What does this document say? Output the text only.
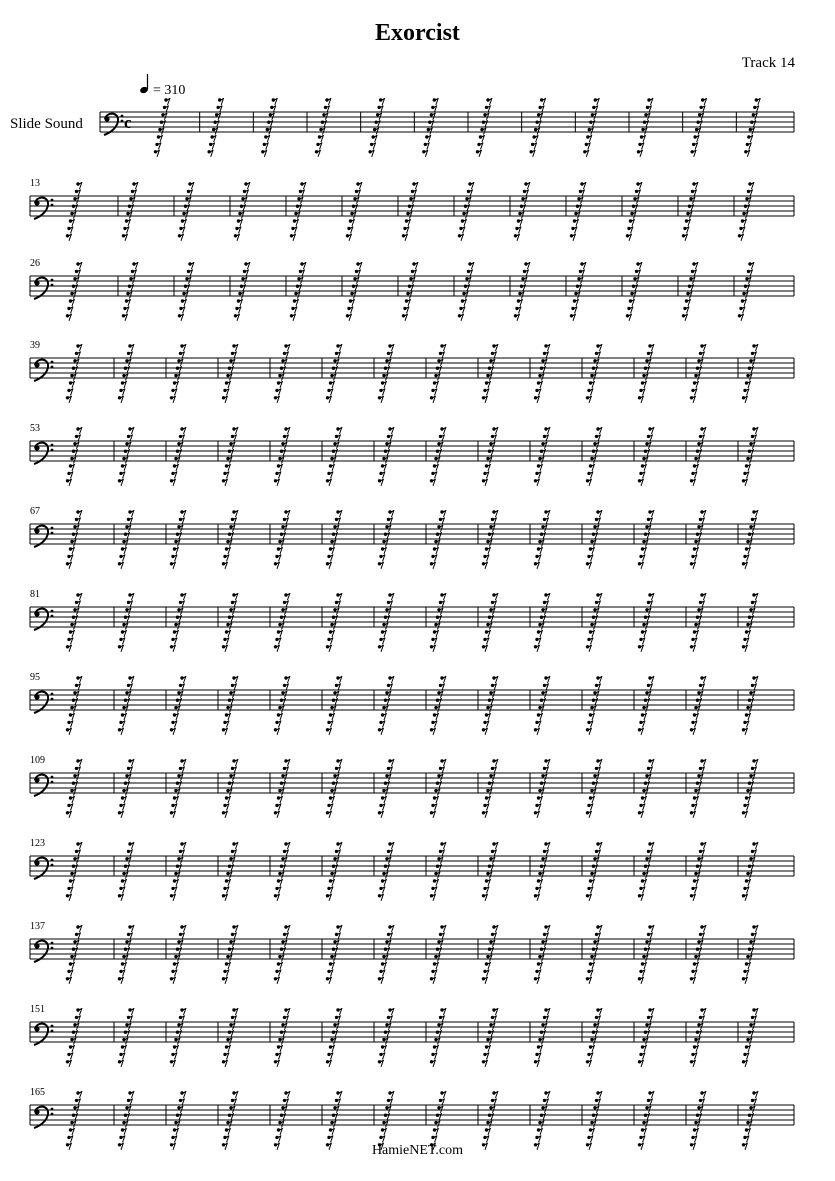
Exorcist
Track 14
Slide Sound c
= 310
13
26
39
53
67
81
95
109
123
137
151
165
HamieNET.com
